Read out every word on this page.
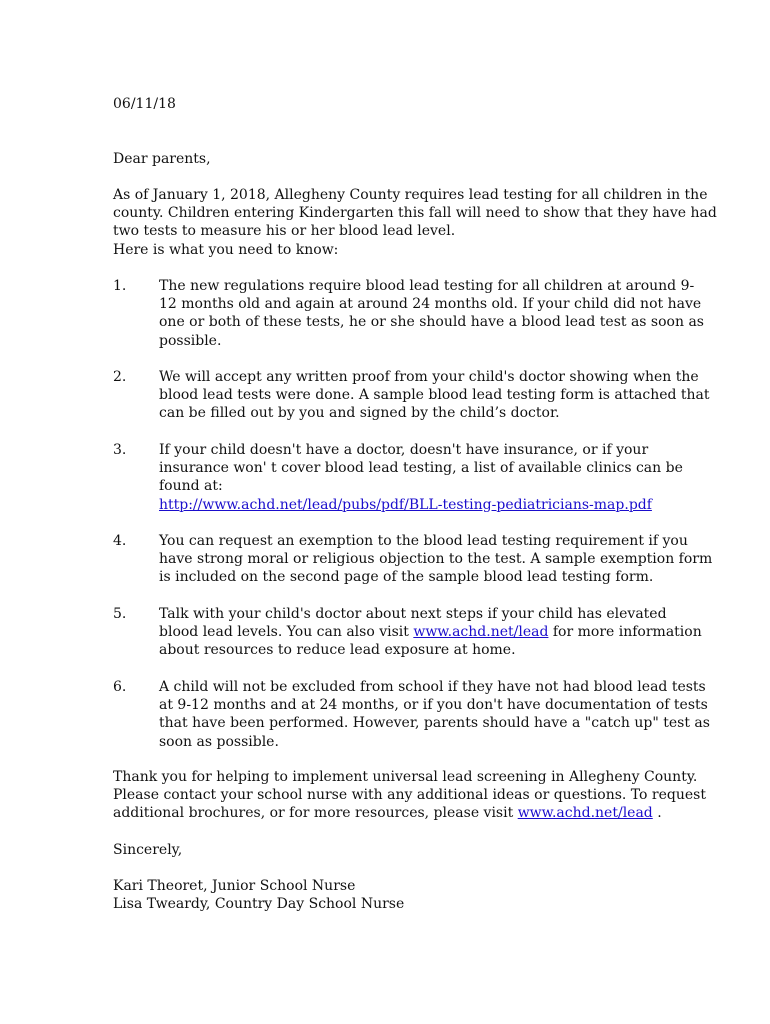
06/11/18
Dear parents,
As of January 1, 2018, Allegheny County requires lead testing for all children in the
county. Children entering Kindergarten this fall will need to show that they have had
two tests to measure his or her blood lead level.
Here is what you need to know:
1. The new regulations require blood lead testing for all children at around 9-
12 months old and again at around 24 months old. If your child did not have
one or both of these tests, he or she should have a blood lead test as soon as
possible.
2. We will accept any written proof from your child's doctor showing when the
blood lead tests were done. A sample blood lead testing form is attached that
can be filled out by you and signed by the child’s doctor.
3. If your child doesn't have a doctor, doesn't have insurance, or if your
insurance won' t cover blood lead testing, a list of available clinics can be
found at:
http://www.achd.net/lead/pubs/pdf/BLL-testing-pediatricians-map.pdf
4. You can request an exemption to the blood lead testing requirement if you
have strong moral or religious objection to the test. A sample exemption form
is included on the second page of the sample blood lead testing form.
5. Talk with your child's doctor about next steps if your child has elevated
blood lead levels. You can also visit www.achd.net/lead for more information
about resources to reduce lead exposure at home.
6. A child will not be excluded from school if they have not had blood lead tests
at 9-12 months and at 24 months, or if you don't have documentation of tests
that have been performed. However, parents should have a "catch up" test as
soon as possible.
Thank you for helping to implement universal lead screening in Allegheny County.
Please contact your school nurse with any additional ideas or questions. To request
additional brochures, or for more resources, please visit www.achd.net/lead .
Sincerely,
Kari Theoret, Junior School Nurse
Lisa Tweardy, Country Day School Nurse
